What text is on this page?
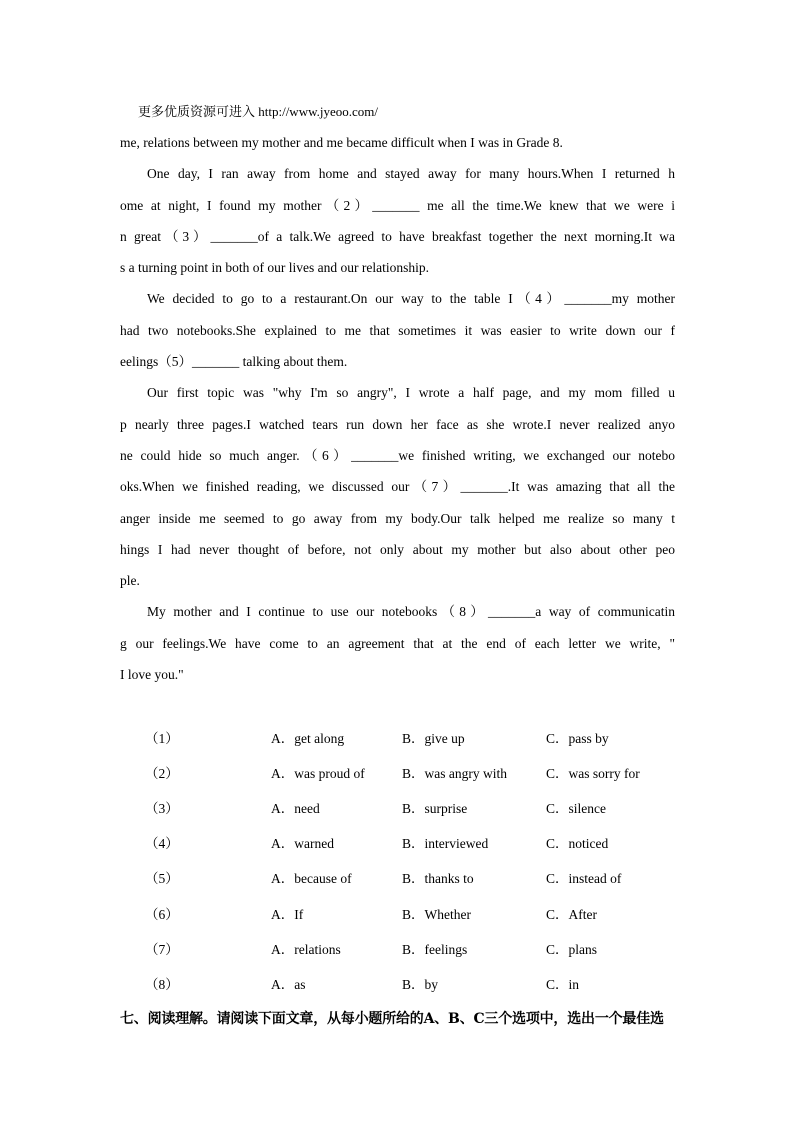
更多优质资源可进入 http://www.jyeoo.com/
me, relations between my mother and me became difficult when I was in Grade 8.
One day, I ran away from home and stayed away for many hours.When I returned h
ome at night, I found my mother（2）_______ me all the time.We knew that we were i
n great（3）_______of a talk.We agreed to have breakfast together the next morning.It wa
s a turning point in both of our lives and our relationship.
We decided to go to a restaurant.On our way to the table I（4）_______my mother
had two notebooks.She explained to me that sometimes it was easier to write down our f
eelings（5）_______ talking about them.
Our first topic was "why I'm so angry", I wrote a half page, and my mom filled u
p nearly three pages.I watched tears run down her face as she wrote.I never realized anyo
ne could hide so much anger.（6）_______we finished writing, we exchanged our notebo
oks.When we finished reading, we discussed our（7）_______.It was amazing that all the
anger inside me seemed to go away from my body.Our talk helped me realize so many t
hings I had never thought of before, not only about my mother but also about other peo
ple.
My mother and I continue to use our notebooks（8）_______a way of communicatin
g our feelings.We have come to an agreement that at the end of each letter we write, "
I love you."
（1）	A．get along	B．give up	C．pass by
（2）	A．was proud of	B．was angry with	C．was sorry for
（3）	A．need	B．surprise	C．silence
（4）	A．warned	B．interviewed	C．noticed
（5）	A．because of	B．thanks to	C．instead of
（6）	A．If	B．Whether	C．After
（7）	A．relations	B．feelings	C．plans
（8）	A．as	B．by	C．in
七、阅读理解。请阅读下面文章，从每小题所给的A、B、C三个选项中，选出一个最佳选
